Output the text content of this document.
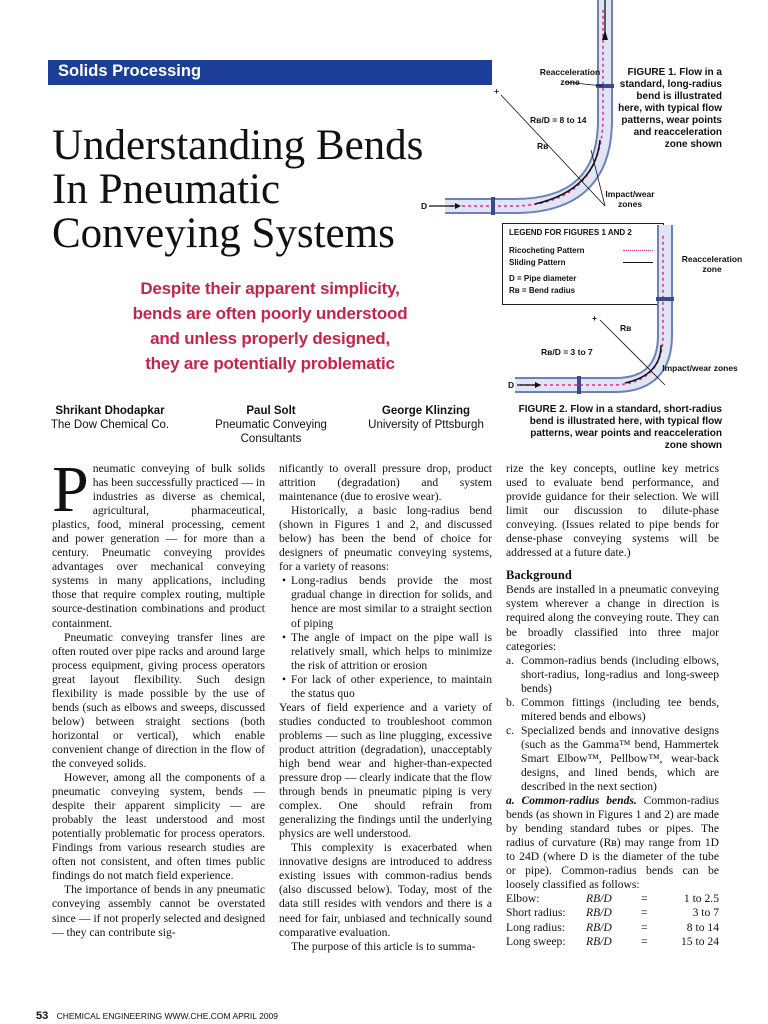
Solids Processing
Understanding Bends
In Pneumatic
Conveying Systems
Despite their apparent simplicity,
bends are often poorly understood
and unless properly designed,
they are potentially problematic
Shrikant Dhodapkar
The Dow Chemical Co.
Paul Solt
Pneumatic Conveying Consultants
George Klinzing
University of Pttsburgh
D
+
Rʙ/D = 8 to 14
Rʙ
Reacceleration zone
Impact/wear zones
FIGURE 1. Flow in a standard, long-radius bend is illustrated here, with typical flow patterns, wear points and reacceleration zone shown
LEGEND FOR FIGURES 1 AND 2
Ricocheting Pattern
Sliding Pattern
D = Pipe diameter
Rʙ = Bend radius
D
+
Rʙ
Rʙ/D = 3 to 7
Reacceleration zone
Impact/wear zones
FIGURE 2. Flow in a standard, short-radius bend is illustrated here, with typical flow patterns, wear points and reacceleration zone shown

Pneumatic conveying of bulk solids has been successfully practiced — in industries as diverse as chemical, agricultural, pharmaceutical, plastics, food, mineral processing, cement and power generation — for more than a century. Pneumatic conveying provides advantages over mechanical conveying systems in many applications, including those that require complex routing, multiple source-destination combinations and product containment.

Pneumatic conveying transfer lines are often routed over pipe racks and around large process equipment, giving process operators great layout flexibility. Such design flexibility is made possible by the use of bends (such as elbows and sweeps, discussed below) between straight sections (both horizontal or vertical), which enable convenient change of direction in the flow of the conveyed solids.

However, among all the components of a pneumatic conveying system, bends — despite their apparent simplicity — are probably the least understood and most potentially problematic for process operators. Findings from various research studies are often not consistent, and often times public findings do not match field experience.

The importance of bends in any pneumatic conveying assembly cannot be overstated since — if not properly selected and designed — they can contribute sig-

nificantly to overall pressure drop, product attrition (degradation) and system maintenance (due to erosive wear).

Historically, a basic long-radius bend (shown in Figures 1 and 2, and discussed below) has been the bend of choice for designers of pneumatic conveying systems, for a variety of reasons:

• Long-radius bends provide the most gradual change in direction for solids, and hence are most similar to a straight section of piping
• The angle of impact on the pipe wall is relatively small, which helps to minimize the risk of attrition or erosion
• For lack of other experience, to maintain the status quo

Years of field experience and a variety of studies conducted to troubleshoot common problems — such as line plugging, excessive product attrition (degradation), unacceptably high bend wear and higher-than-expected pressure drop — clearly indicate that the flow through bends in pneumatic piping is very complex. One should refrain from generalizing the findings until the underlying physics are well understood.

This complexity is exacerbated when innovative designs are introduced to address existing issues with common-radius bends (also discussed below). Today, most of the data still resides with vendors and there is a need for fair, unbiased and technically sound comparative evaluation.

The purpose of this article is to summa-

rize the key concepts, outline key metrics used to evaluate bend performance, and provide guidance for their selection. We will limit our discussion to dilute-phase conveying. (Issues related to pipe bends for dense-phase conveying systems will be addressed at a future date.)

Background

Bends are installed in a pneumatic conveying system wherever a change in direction is required along the conveying route. They can be broadly classified into three major categories:

a. Common-radius bends (including elbows, short-radius, long-radius and long-sweep bends)
b. Common fittings (including tee bends, mitered bends and elbows)
c. Specialized bends and innovative designs (such as the Gamma™ bend, Hammertek Smart Elbow™, Pellbow™, wear-back designs, and lined bends, which are described in the next section)

a. Common-radius bends. Common-radius bends (as shown in Figures 1 and 2) are made by bending standard tubes or pipes. The radius of curvature (Rʙ) may range from 1D to 24D (where D is the diameter of the tube or pipe). Common-radius bends can be loosely classified as follows:

Elbow:	RB/D	=	1 to 2.5
Short radius:	RB/D	=	3 to 7
Long radius:	RB/D	=	8 to 14
Long sweep:	RB/D	=	15 to 24
53 CHEMICAL ENGINEERING WWW.CHE.COM APRIL 2009
